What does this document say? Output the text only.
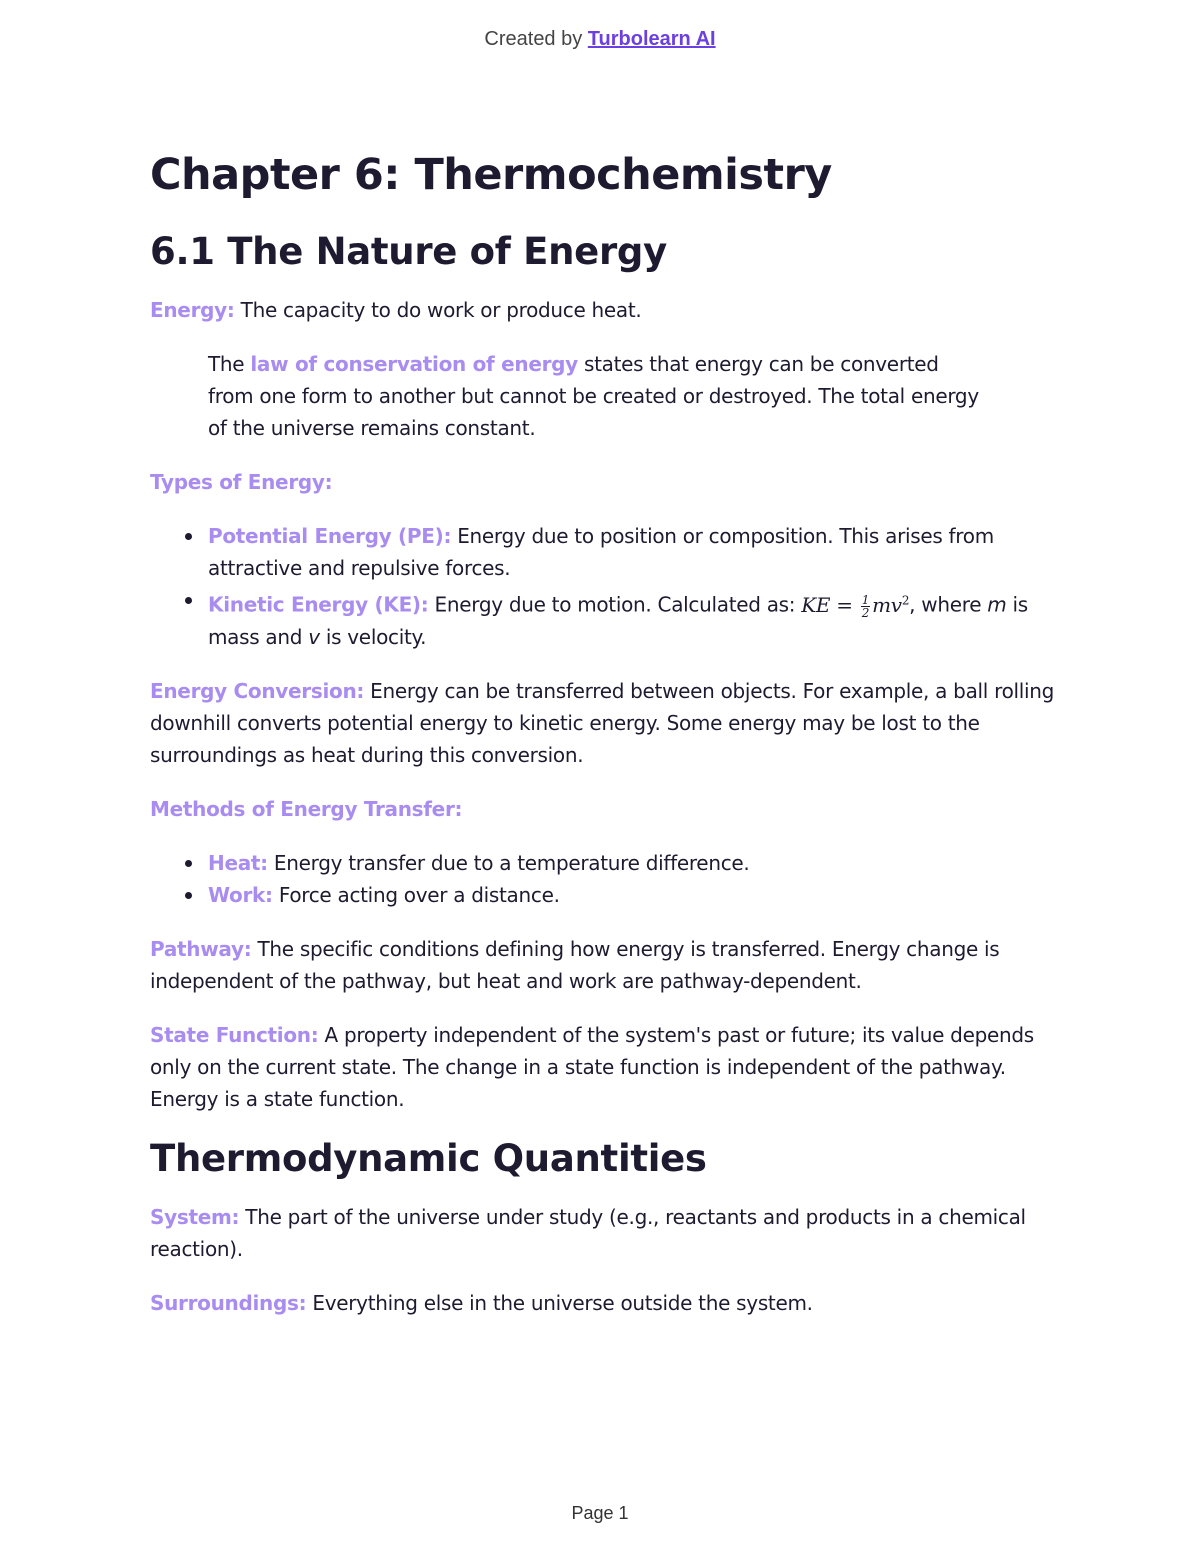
Created by Turbolearn AI
Chapter 6: Thermochemistry
6.1 The Nature of Energy

Energy: The capacity to do work or produce heat.

The law of conservation of energy states that energy can be converted from one form to another but cannot be created or destroyed. The total energy of the universe remains constant.

Types of Energy:

Potential Energy (PE): Energy due to position or composition. This arises from attractive and repulsive forces.
Kinetic Energy (KE): Energy due to motion. Calculated as: KE = $\frac{1}{2} mv^2$, where m is mass and v is velocity.

Energy Conversion: Energy can be transferred between objects. For example, a ball rolling downhill converts potential energy to kinetic energy. Some energy may be lost to the surroundings as heat during this conversion.

Methods of Energy Transfer:

Heat: Energy transfer due to a temperature difference.
Work: Force acting over a distance.

Pathway: The specific conditions defining how energy is transferred. Energy change is independent of the pathway, but heat and work are pathway-dependent.

State Function: A property independent of the system's past or future; its value depends only on the current state. The change in a state function is independent of the pathway. Energy is a state function.

Thermodynamic Quantities

System: The part of the universe under study (e.g., reactants and products in a chemical reaction).

Surroundings: Everything else in the universe outside the system.

Page 1
